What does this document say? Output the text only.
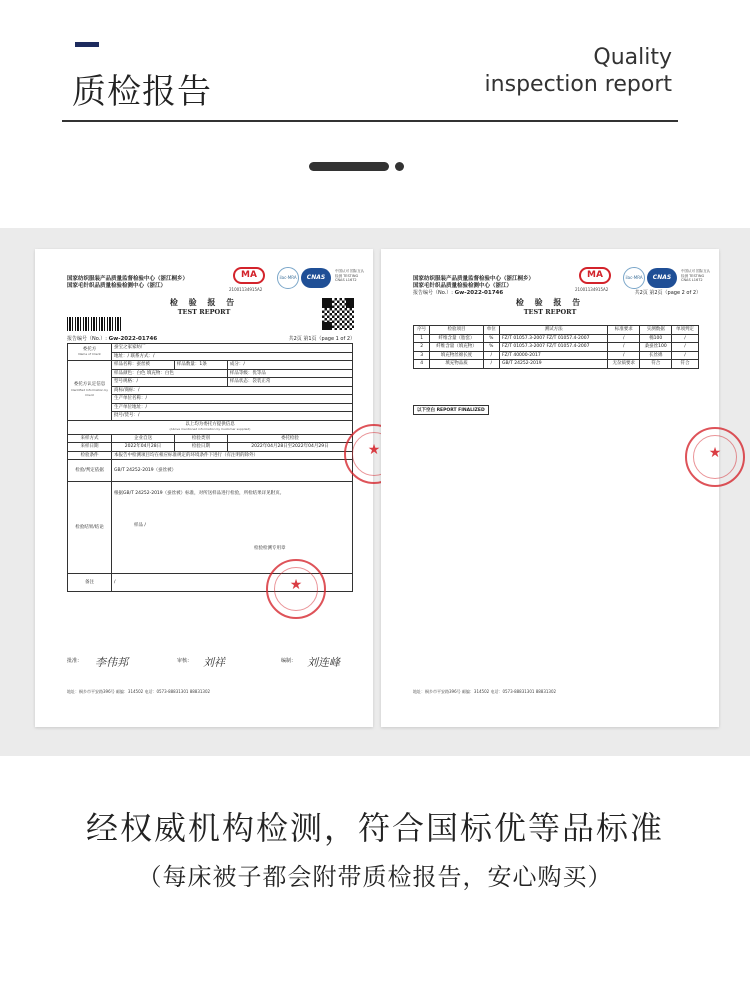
质检报告
Quality
inspection report
国家纺织服装产品质量监督检验中心（浙江桐乡）
国家毛针织品质量检验检测中心（浙江）
MA
21001134915A2
ilac-MRA	CNAS
中国认可 国际互认 检测 TESTING CNAS L1672
检 验 报 告
TEST REPORT
报告编号（No.）: Gw-2022-01746	共2页 第1页（page 1 of 2）
委托方
Name of Client	蚕宝之家家纺厂		
	地址：/ 联系方式：/		
委托方认定信息
Identified Information by Client	样品名称：蚕丝被	样品数量：1条	成分：/
	样品颜色：白色 填充物：白色		样品等级：优等品
	型号规格：/		样品状态：袋装正常
	商标/商标：/		
	生产单位名称：/		
	生产单位地址：/		
	批号/货号：/		
以上均为委托方提供信息
(Above mentioned information by Customer supplied)			

来样方式	企业自送	检验类别	委托检验
来样日期	2022年04月28日	检验日期	2022年04月28日至2022年04月29日
检验条件	本报告中检测项目均在相应标准规定的环境条件下进行（有注明的除外）		
检验/判定依据	GB/T 24252-2019（蚕丝被）		
检验结果/结论	根据GB/T 24252-2019（蚕丝被）标准，对所送样品进行检验，所检结果详见附页。
样品 /
检验检测专用章		

备注	/			★
批准： 李伟邦	审核： 刘祥	编制： 刘连峰
地址：桐乡市平安路396号 邮编：314502 电话：0573-88831301 88831302
★
国家纺织服装产品质量监督检验中心（浙江桐乡）
国家毛针织品质量检验检测中心（浙江）
MA
21001134915A2
ilac-MRA	CNAS
中国认可 国际互认 检测 TESTING CNAS L1672
报告编号（No.）: Gw-2022-01746
检 验 报 告
TEST REPORT
共2页 第2页（page 2 of 2）
序号	检验项目	单位	测试方法	标准要求	实测数据	单项判定
1	纤维含量（胎套）	%	FZ/T 01057.3-2007 FZ/T 01057.4-2007	/	棉100	/
2	纤维含量（填充物）	%	FZ/T 01057.3-2007 FZ/T 01057.4-2007	/	桑蚕丝100	/
3	填充物丝绵长度	/	FZ/T 40000-2017	/	长丝绵	/
4	填充物品质	/	GB/T 24252-2019	无杂质要求	符合	符合
以下空白 REPORT FINALIZED
★
地址：桐乡市平安路396号 邮编：314502 电话：0573-88831301 88831302
经权威机构检测，符合国标优等品标准
（每床被子都会附带质检报告，安心购买）
